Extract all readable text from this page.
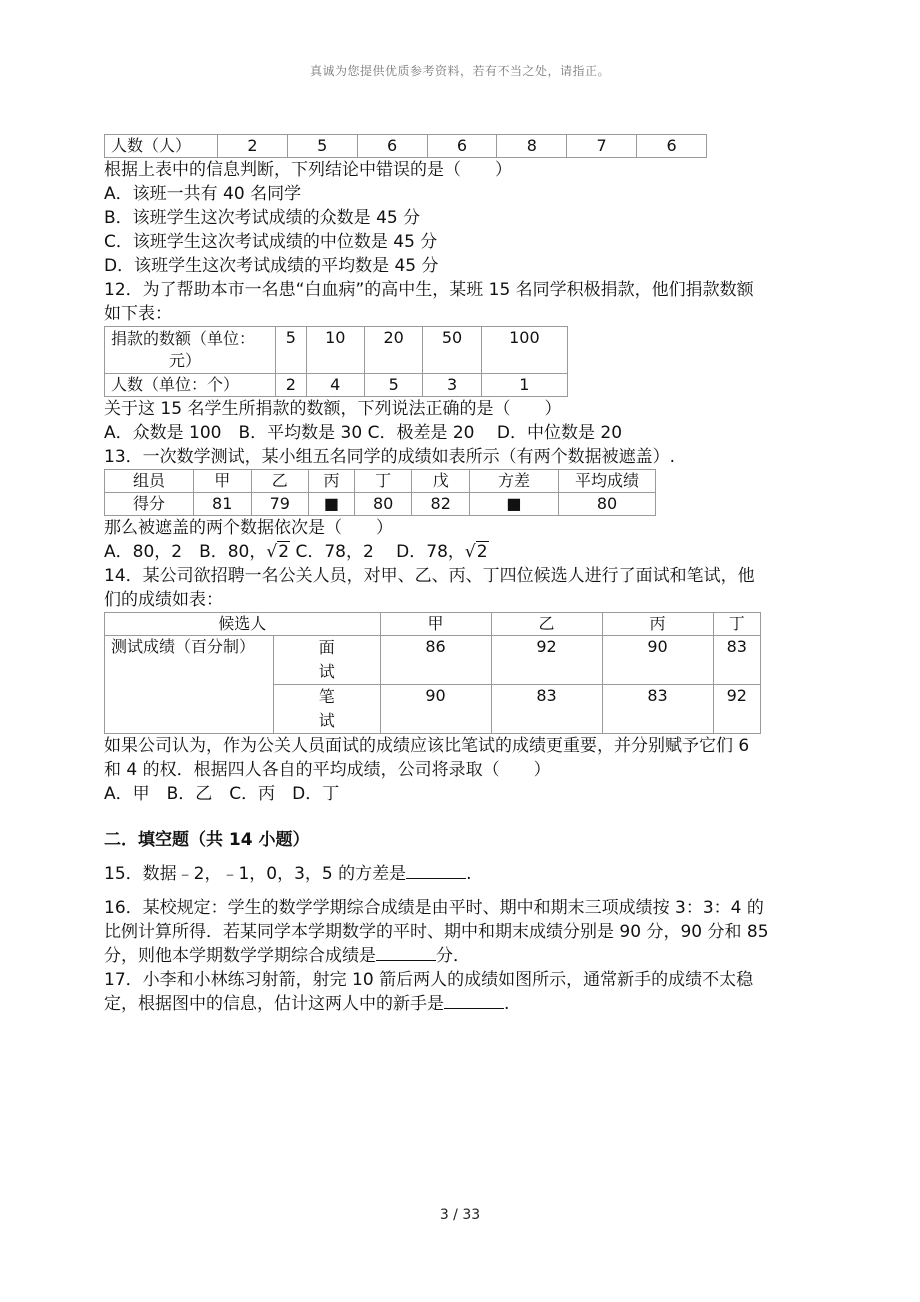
真诚为您提供优质参考资料，若有不当之处，请指正。
人数（人）	2	5	6	6	8	7	6

根据上表中的信息判断，下列结论中错误的是（　　）

A．该班一共有 40 名同学

B．该班学生这次考试成绩的众数是 45 分

C．该班学生这次考试成绩的中位数是 45 分

D．该班学生这次考试成绩的平均数是 45 分

12．为了帮助本市一名患“白血病”的高中生，某班 15 名同学积极捐款，他们捐款数额

如下表：

捐款的数额（单位：
元）	5	10	20	50	100
人数（单位：个）	2	4	5	3	1

关于这 15 名学生所捐款的数额，下列说法正确的是（　　）

A．众数是 100　B．平均数是 30 C．极差是 20　 D．中位数是 20

13．一次数学测试，某小组五名同学的成绩如表所示（有两个数据被遮盖）.

组员	甲	乙	丙	丁	戊	方差	平均成绩
得分	81	79	■	80	82	■	80

那么被遮盖的两个数据依次是（　　）

A．80，2　B．80，√2 C．78，2　 D．78，√2

14．某公司欲招聘一名公关人员，对甲、乙、丙、丁四位候选人进行了面试和笔试，他

们的成绩如表：

候选人		甲	乙	丙	丁
测试成绩（百分制）	面
试	86	92	90	83

	笔
试	90	83	83	92

如果公司认为，作为公关人员面试的成绩应该比笔试的成绩更重要，并分别赋予它们 6

和 4 的权．根据四人各自的平均成绩，公司将录取（　　）

A．甲　B．乙　C．丙　D．丁

二．填空题（共 14 小题）

15．数据﹣2，﹣1，0，3，5 的方差是	.

16．某校规定：学生的数学学期综合成绩是由平时、期中和期末三项成绩按 3：3：4 的

比例计算所得．若某同学本学期数学的平时、期中和期末成绩分别是 90 分，90 分和 85

分，则他本学期数学学期综合成绩是	分．

17．小李和小林练习射箭，射完 10 箭后两人的成绩如图所示，通常新手的成绩不太稳

定，根据图中的信息，估计这两人中的新手是	.

3 / 33
